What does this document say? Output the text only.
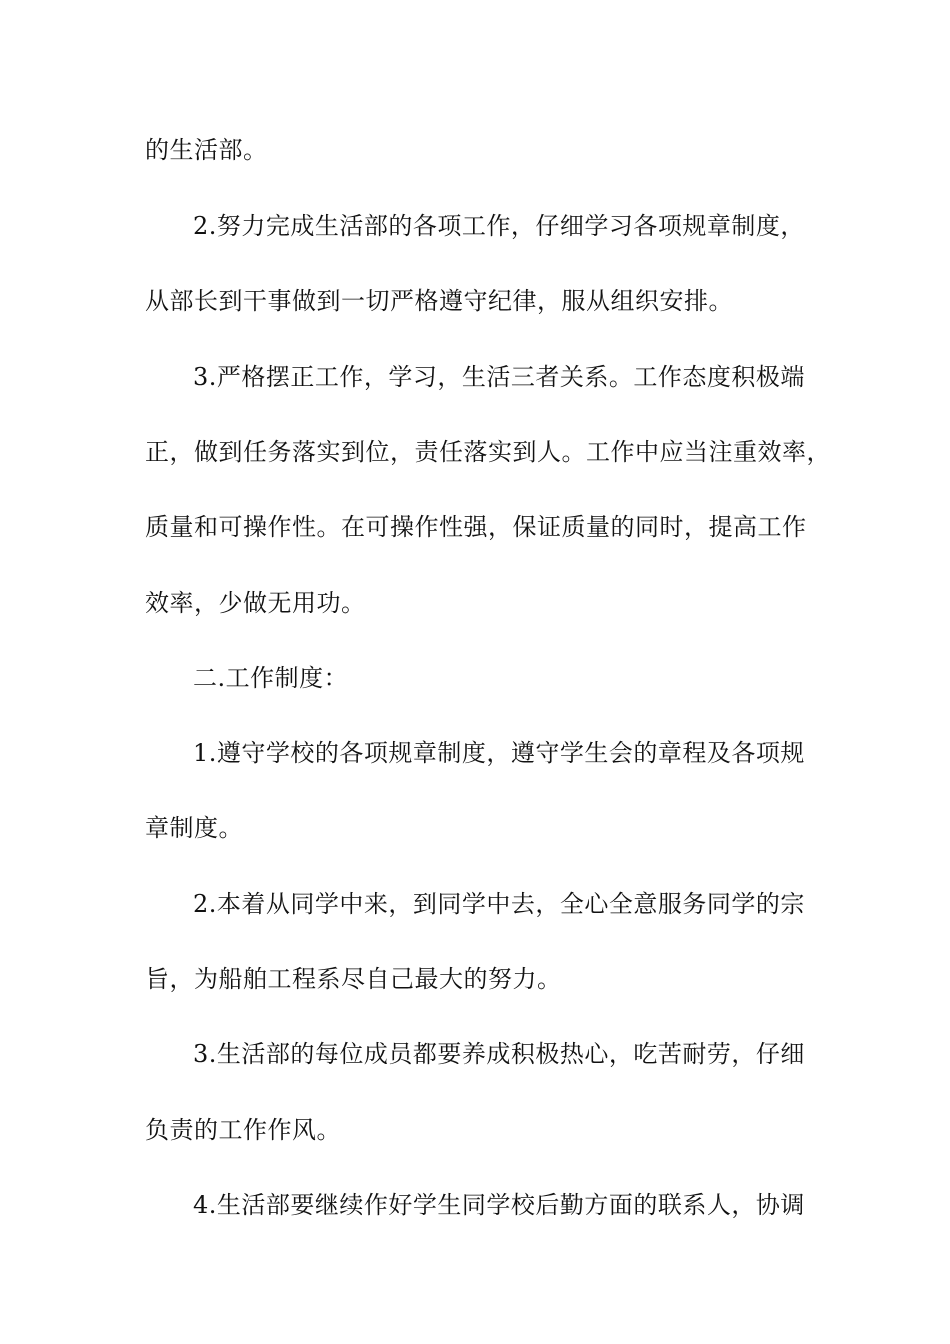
的生活部。
2.努力完成生活部的各项工作，仔细学习各项规章制度，
从部长到干事做到一切严格遵守纪律，服从组织安排。
3.严格摆正工作，学习，生活三者关系。工作态度积极端
正，做到任务落实到位，责任落实到人。工作中应当注重效率，
质量和可操作性。在可操作性强，保证质量的同时，提高工作
效率，少做无用功。
二.工作制度：
1.遵守学校的各项规章制度，遵守学生会的章程及各项规
章制度。
2.本着从同学中来，到同学中去，全心全意服务同学的宗
旨，为船舶工程系尽自己最大的努力。
3.生活部的每位成员都要养成积极热心，吃苦耐劳，仔细
负责的工作作风。
4.生活部要继续作好学生同学校后勤方面的联系人，协调
